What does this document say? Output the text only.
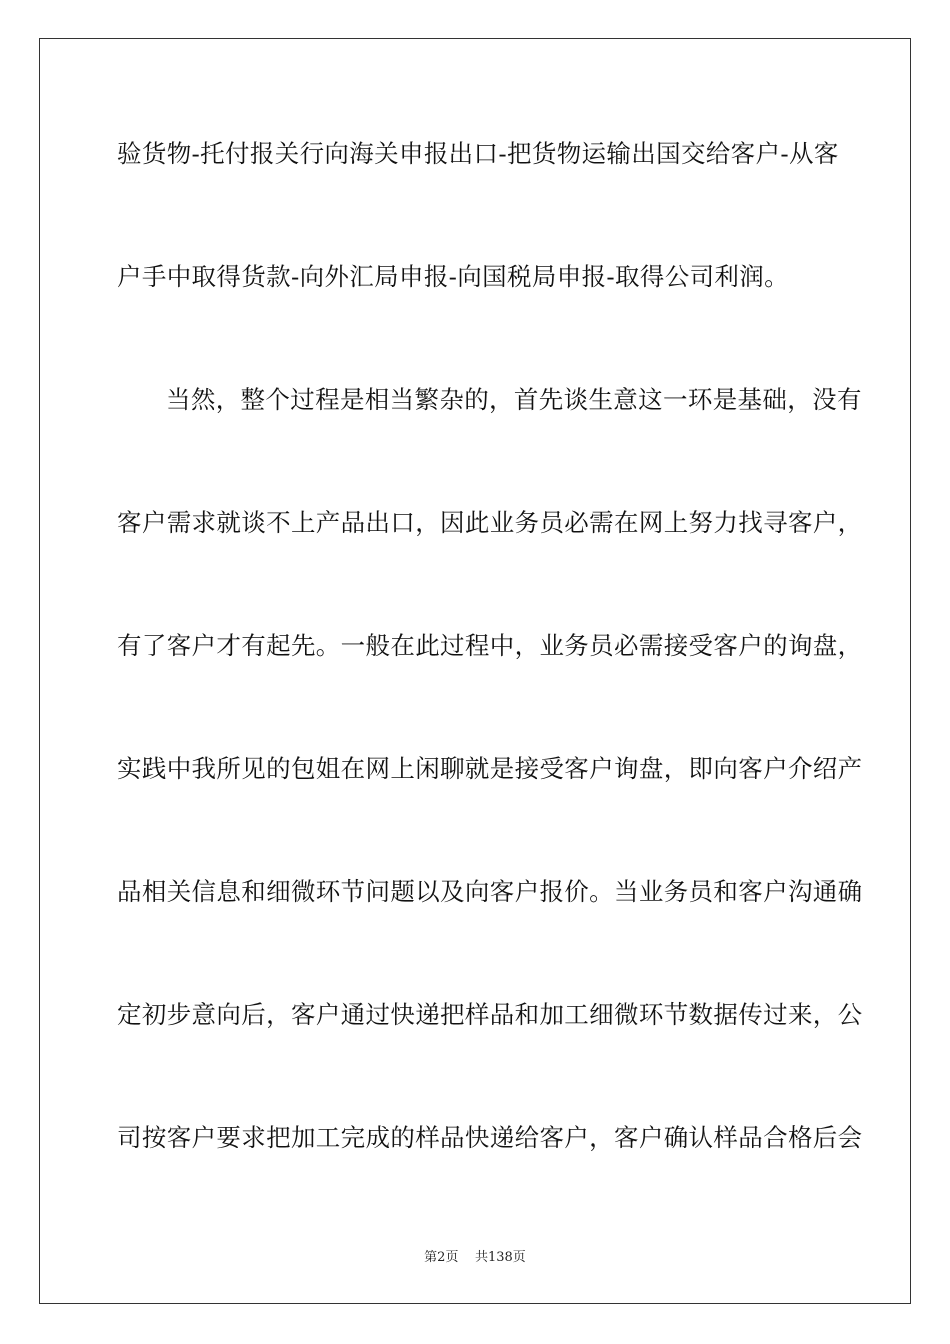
验货物-托付报关行向海关申报出口-把货物运输出国交给客户-从客
户手中取得货款-向外汇局申报-向国税局申报-取得公司利润。
当然，整个过程是相当繁杂的，首先谈生意这一环是基础，没有
客户需求就谈不上产品出口，因此业务员必需在网上努力找寻客户，
有了客户才有起先。一般在此过程中，业务员必需接受客户的询盘，
实践中我所见的包姐在网上闲聊就是接受客户询盘，即向客户介绍产
品相关信息和细微环节问题以及向客户报价。当业务员和客户沟通确
定初步意向后，客户通过快递把样品和加工细微环节数据传过来，公
司按客户要求把加工完成的样品快递给客户，客户确认样品合格后会
第2页 共138页
